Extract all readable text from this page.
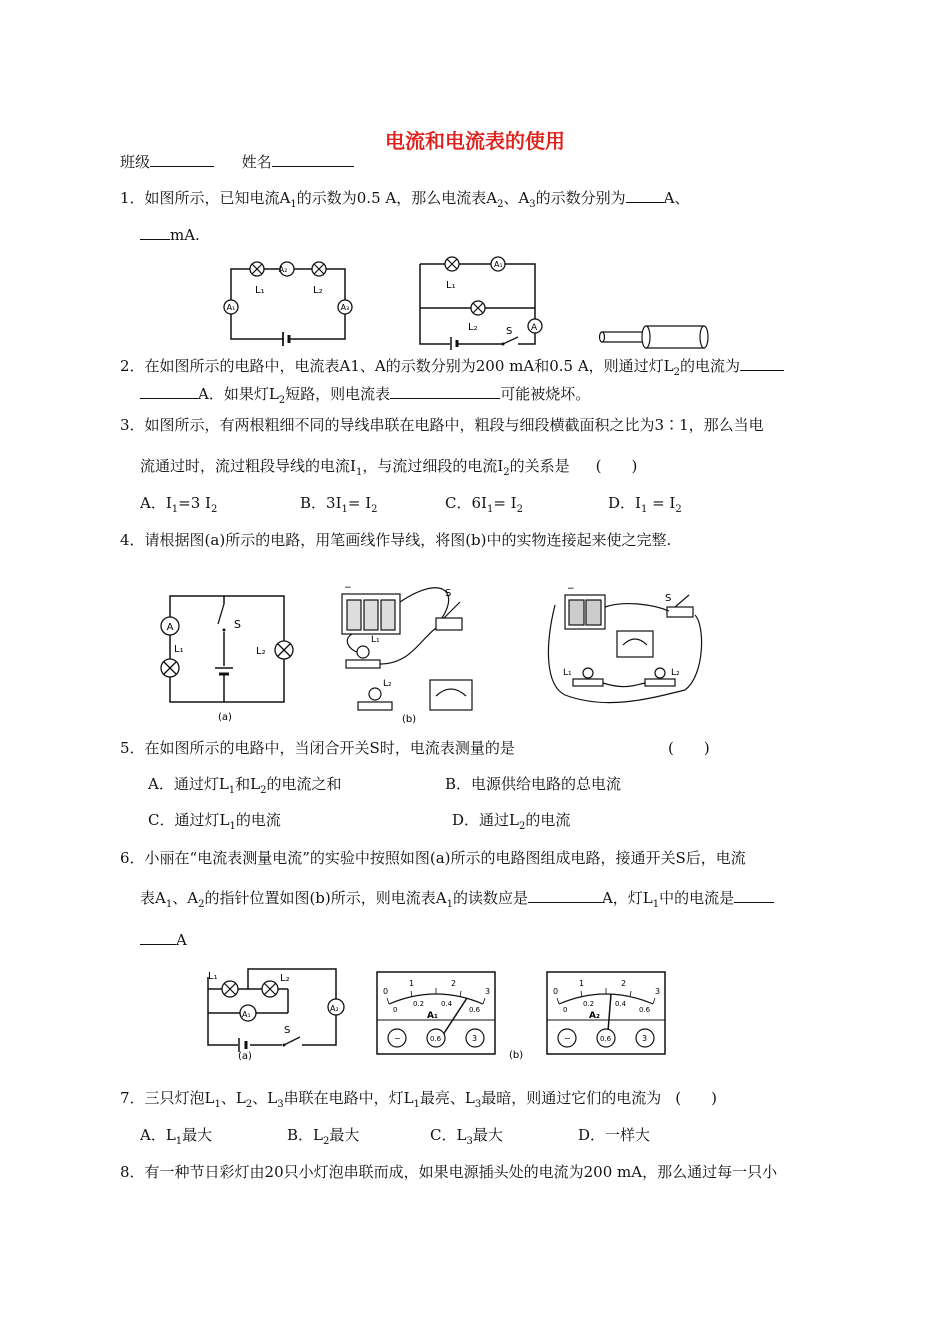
电流和电流表的使用
班级	姓名
1．如图所示，已知电流$A_1$的示数为0.5 A，那么电流表$A_2$、$A_3$的示数分别为	A、
mA.
A₂
A₁	A₃
L₁	L₂
A₁
A
L₁
L₂	S
2．在如图所示的电路中，电流表A1、A的示数分别为200 mA和0.5 A，则通过灯$L_2$的电流为
A．如果灯$L_2$短路，则电流表	可能被烧坏。
3．如图所示，有两根粗细不同的导线串联在电路中，粗段与细段横截面积之比为3∶1，那么当电
流通过时，流过粗段导线的电流$I_1$，与流过细段的电流$I_2$的关系是 (　　)
A．$I_1=3$ $I_2$	B．$3I_1= I_2$	C．$6I_1= I_2$	D．$I_1 = I_2$
4．请根据图(a)所示的电路，用笔画线作导线，将图(b)中的实物连接起来使之完整.
A
L₁	L₂
S
(a)
−	S
L₁
L₂
(b)
−
S
L₁	L₂
5．在如图所示的电路中，当闭合开关S时，电流表测量的是	(　　)
A．通过灯$L_1$和$L_2$的电流之和	B．电源供给电路的总电流
C．通过灯$L_1$的电流	D．通过$L_2$的电流
6．小丽在“电流表测量电流”的实验中按照如图(a)所示的电路图组成电路，接通开关S后，电流
表$A_1$、$A_2$的指针位置如图(b)所示，则电流表$A_1$的读数应是	A，灯$L_1$中的电流是
A
L₁	L₂
A₁
A₂
S
(a)
0
1	2
3
0
0.2 0.4
0.6
A₁
−	0.6	3
(b)
0
1	2
3
0
0.2	0.4
0.6
A₂
−	0.6	3
7．三只灯泡$L_1$、$L_2$、$L_3$串联在电路中，灯$L_1$最亮、$L_3$最暗，则通过它们的电流为 (　　)
A．$L_1$最大	B．$L_2$最大	C．$L_3$最大	D．一样大
8．有一种节日彩灯由20只小灯泡串联而成，如果电源插头处的电流为200 mA，那么通过每一只小
